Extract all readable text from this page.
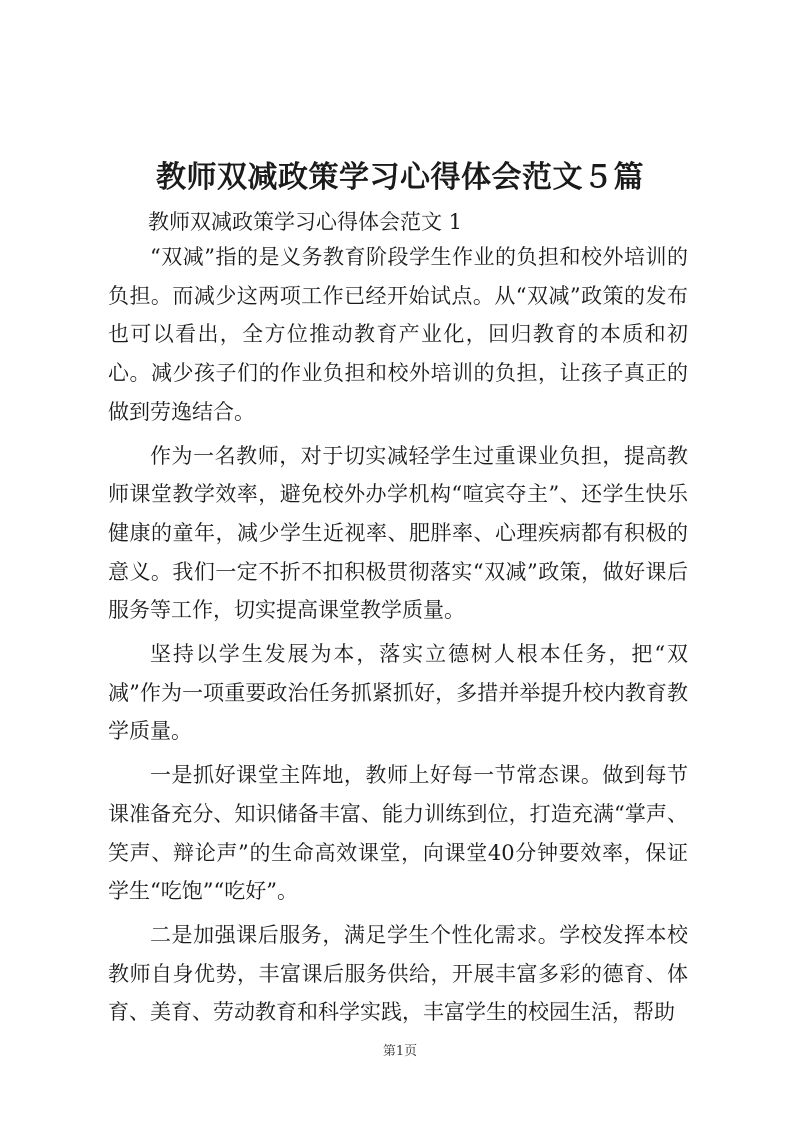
教师双减政策学习心得体会范文５篇
教师双减政策学习心得体会范文 1

“双减”指的是义务教育阶段学生作业的负担和校外培训的负担。而减少这两项工作已经开始试点。从“双减”政策的发布也可以看出，全方位推动教育产业化，回归教育的本质和初心。减少孩子们的作业负担和校外培训的负担，让孩子真正的做到劳逸结合。

作为一名教师，对于切实减轻学生过重课业负担，提高教师课堂教学效率，避免校外办学机构“喧宾夺主”、还学生快乐健康的童年，减少学生近视率、肥胖率、心理疾病都有积极的意义。我们一定不折不扣积极贯彻落实“双减”政策，做好课后服务等工作，切实提高课堂教学质量。

坚持以学生发展为本，落实立德树人根本任务，把“双减”作为一项重要政治任务抓紧抓好，多措并举提升校内教育教学质量。

一是抓好课堂主阵地，教师上好每一节常态课。做到每节课准备充分、知识储备丰富、能力训练到位，打造充满“掌声、笑声、辩论声”的生命高效课堂，向课堂40分钟要效率，保证学生“吃饱”“吃好”。

二是加强课后服务，满足学生个性化需求。学校发挥本校教师自身优势，丰富课后服务供给，开展丰富多彩的德育、体育、美育、劳动教育和科学实践，丰富学生的校园生活，帮助

第1页
